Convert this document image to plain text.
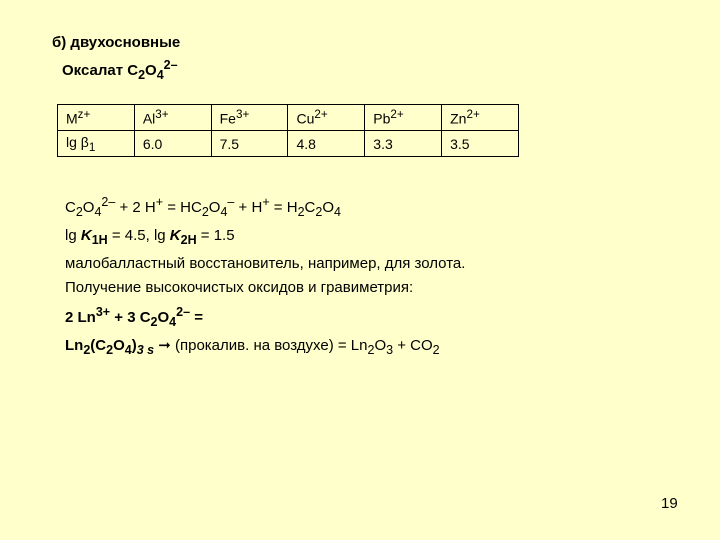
б) двухосновные
Оксалат $C_2O_4^{2-}$
$M^{z+}$	$Al^{3+}$	$Fe^{3+}$	$Cu^{2+}$	$Pb^{2+}$	$Zn^{2+}$
$\lg \beta_1$	6.0	7.5	4.8	3.3	3.5
$C_2O_4^{2-} + 2$ $H^+ = HC_2O_4^- + H^+ = H_2C_2O_4$
$\lg K_{1H} = 4.5$, $\lg K_{2H} = 1.5$
малобалластный восстановитель, например, для золота.
Получение высокочистых оксидов и гравиметрия:
2 $Ln^{3+} + 3$ $C_2O_4^{2-}$ =
$Ln_2(C_2O_4)_{3 s}$ ➞ (прокалив. на воздухе) = $Ln_2O_3 + CO_2$
19
